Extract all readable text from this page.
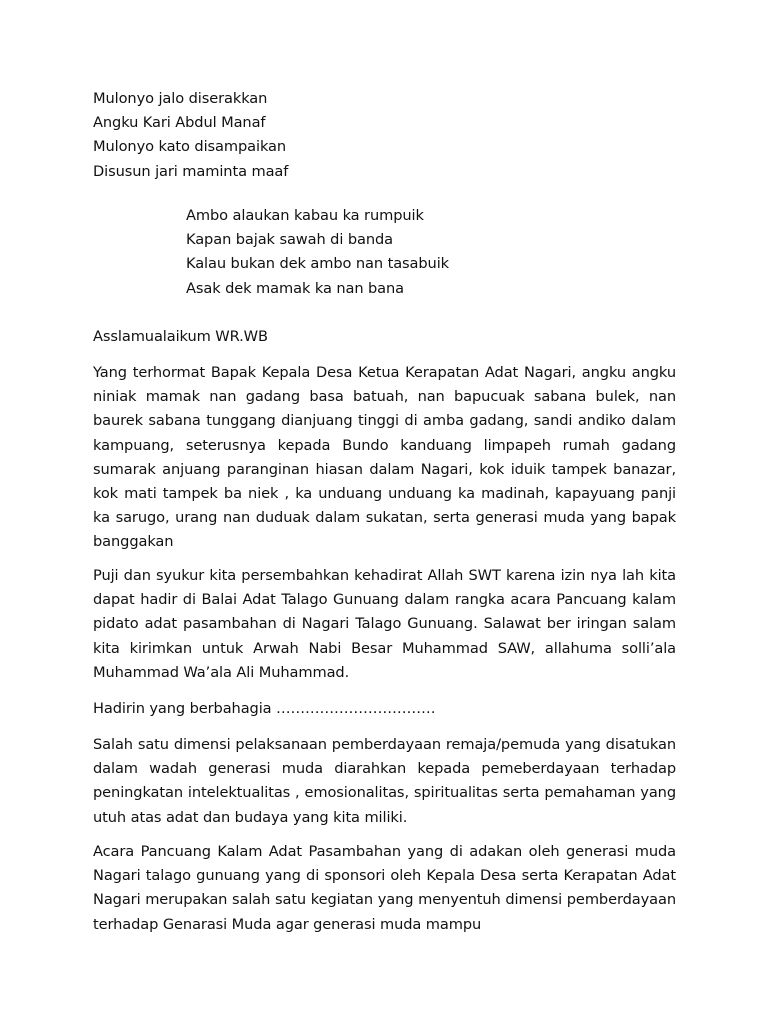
Mulonyo jalo diserakkan
Angku Kari Abdul Manaf
Mulonyo kato disampaikan
Disusun jari maminta maaf
Ambo alaukan kabau ka rumpuik
Kapan bajak sawah di banda
Kalau bukan dek ambo nan tasabuik
Asak dek mamak ka nan bana

Asslamualaikum WR.WB

Yang terhormat Bapak Kepala Desa Ketua Kerapatan Adat Nagari, angku angku niniak mamak nan gadang basa batuah, nan bapucuak sabana bulek, nan baurek sabana tunggang dianjuang tinggi di amba gadang, sandi andiko dalam kampuang, seterusnya kepada Bundo kanduang limpapeh rumah gadang sumarak anjuang paranginan hiasan dalam Nagari, kok iduik tampek banazar, kok mati tampek ba niek , ka unduang unduang ka madinah, kapayuang panji ka sarugo, urang nan duduak dalam sukatan, serta generasi muda yang bapak banggakan

Puji dan syukur kita persembahkan kehadirat Allah SWT karena izin nya lah kita dapat hadir di Balai Adat Talago Gunuang dalam rangka acara Pancuang kalam pidato adat pasambahan di Nagari Talago Gunuang. Salawat ber iringan salam kita kirimkan untuk Arwah Nabi Besar Muhammad SAW, allahuma solli’ala Muhammad Wa’ala Ali Muhammad.

Hadirin yang berbahagia ……………………………

Salah satu dimensi pelaksanaan pemberdayaan remaja/pemuda yang disatukan dalam wadah generasi muda diarahkan kepada pemeberdayaan terhadap peningkatan intelektualitas , emosionalitas, spiritualitas serta pemahaman yang utuh atas adat dan budaya yang kita miliki.

Acara Pancuang Kalam Adat Pasambahan yang di adakan oleh generasi muda Nagari talago gunuang yang di sponsori oleh Kepala Desa serta Kerapatan Adat Nagari merupakan salah satu kegiatan yang menyentuh dimensi pemberdayaan terhadap Genarasi Muda agar generasi muda mampu
